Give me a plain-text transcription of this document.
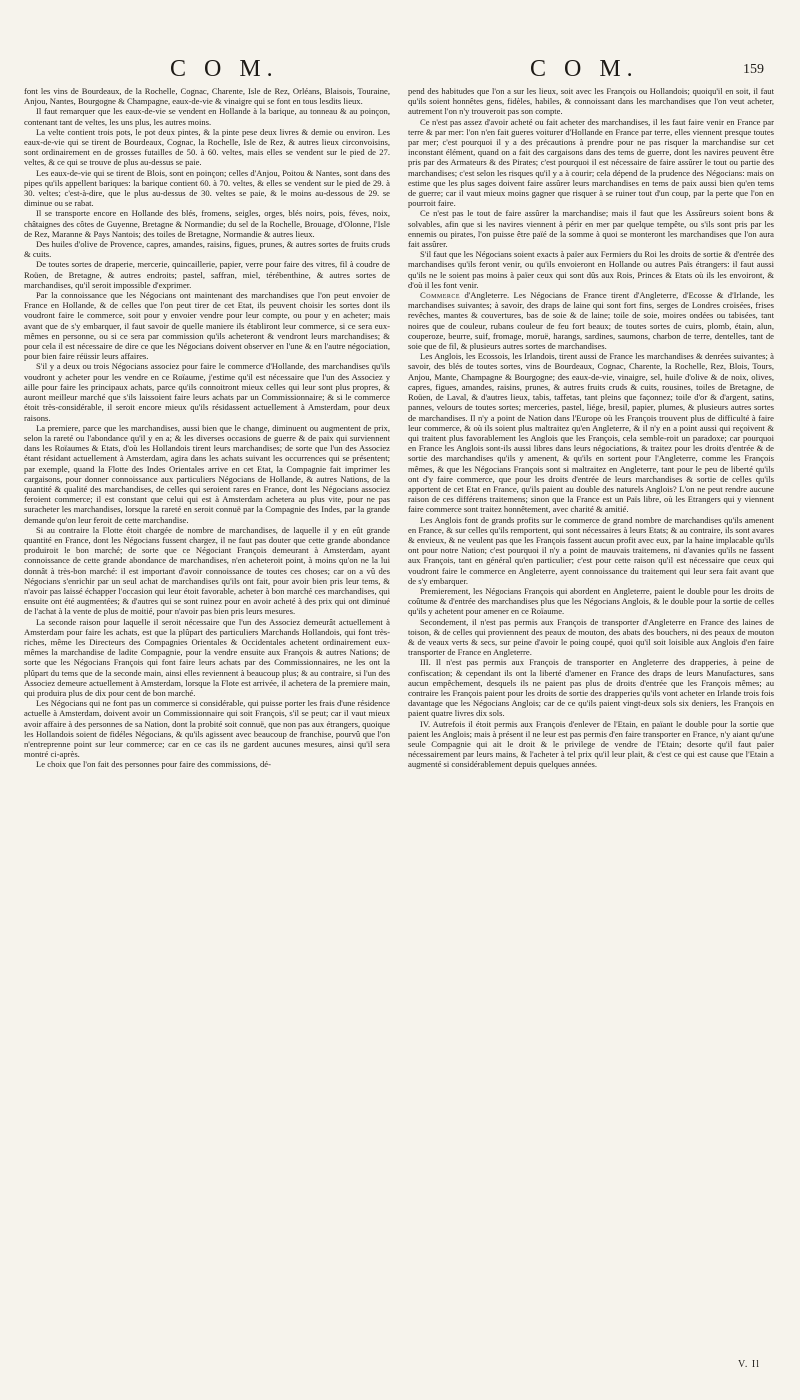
C O M.	C O M.	159

font les vins de Bourdeaux, de la Rochelle, Cognac, Charente, Isle de Rez, Orléans, Blaisois, Touraine, Anjou, Nantes, Bourgogne & Champagne, eaux-de-vie & vinaigre qui se font en tous lesdits lieux.

Il faut remarquer que les eaux-de-vie se vendent en Hollande à la barique, au tonneau & au poinçon, contenant tant de veltes, les uns plus, les autres moins.

La velte contient trois pots, le pot deux pintes, & la pinte pese deux livres & demie ou environ. Les eaux-de-vie qui se tirent de Bourdeaux, Cognac, la Rochelle, Isle de Rez, & autres lieux circonvoisins, sont ordinairement en de grosses futailles de 50. à 60. veltes, mais elles se vendent sur le pied de 27. veltes, & ce qui se trouve de plus au-dessus se paie.

Les eaux-de-vie qui se tirent de Blois, sont en poinçon; celles d'Anjou, Poitou & Nantes, sont dans des pipes qu'ils appellent bariques: la barique contient 60. à 70. veltes, & elles se vendent sur le pied de 29. à 30. veltes; c'est-à-dire, que le plus au-dessus de 30. veltes se paie, & le moins au-dessous de 29. se diminue ou se rabat.

Il se transporte encore en Hollande des blés, fromens, seigles, orges, blés noirs, pois, féves, noix, châtaignes des côtes de Guyenne, Bretagne & Normandie; du sel de la Rochelle, Brouage, d'Olonne, l'Isle de Rez, Maranne & Pays Nantois; des toiles de Bretagne, Normandie & autres lieux.

Des huiles d'olive de Provence, capres, amandes, raisins, figues, prunes, & autres sortes de fruits cruds & cuits.

De toutes sortes de draperie, mercerie, quincaillerie, papier, verre pour faire des vitres, fil à coudre de Roüen, de Bretagne, & autres endroits; pastel, saffran, miel, térébenthine, & autres sortes de marchandises, qu'il seroit impossible d'exprimer.

Par la connoissance que les Négocians ont maintenant des marchandises que l'on peut envoier de France en Hollande, & de celles que l'on peut tirer de cet Etat, ils peuvent choisir les sortes dont ils voudront faire le commerce, soit pour y envoier vendre pour leur compte, ou pour y en acheter; mais avant que de s'y embarquer, il faut savoir de quelle maniere ils établiront leur commerce, si ce sera eux-mêmes en personne, ou si ce sera par commission qu'ils acheteront & vendront leurs marchandises; & pour cela il est nécessaire de dire ce que les Négocians doivent observer en l'une & en l'autre négociation, pour bien faire réüssir leurs affaires.

S'il y a deux ou trois Négocians associez pour faire le commerce d'Hollande, des marchandises qu'ils voudront y acheter pour les vendre en ce Roïaume, j'estime qu'il est nécessaire que l'un des Associez y aille pour faire les principaux achats, parce qu'ils connoitront mieux celles qui leur sont plus propres, & auront meilleur marché que s'ils laissoient faire leurs achats par un Commissionnaire; & si le commerce étoit très-considérable, il seroit encore mieux qu'ils résidassent actuellement à Amsterdam, pour deux raisons.

La premiere, parce que les marchandises, aussi bien que le change, diminuent ou augmentent de prix, selon la rareté ou l'abondance qu'il y en a; & les diverses occasions de guerre & de paix qui surviennent dans les Roïaumes & Etats, d'où les Hollandois tirent leurs marchandises; de sorte que l'un des Associez étant résidant actuellement à Amsterdam, agira dans les achats suivant les occurrences qui se présentent; par exemple, quand la Flotte des Indes Orientales arrive en cet Etat, la Compagnie fait imprimer les cargaisons, pour donner connoissance aux particuliers Négocians de Hollande, & autres Nations, de la quantité & qualité des marchandises, de celles qui seroient rares en France, dont les Négocians associez feroient commerce; il est constant que celui qui est à Amsterdam achetera au plus vite, pour ne pas suracheter les marchandises, lorsque la rareté en seroit connuë par la Compagnie des Indes, par la grande demande qu'on leur feroit de cette marchandise.

Si au contraire la Flotte étoit chargée de nombre de marchandises, de laquelle il y en eût grande quantité en France, dont les Négocians fussent chargez, il ne faut pas douter que cette grande abondance produiroit le bon marché; de sorte que ce Négociant François demeurant à Amsterdam, ayant connoissance de cette grande abondance de marchandises, n'en acheteroit point, à moins qu'on ne la lui donnât à très-bon marché: il est important d'avoir connoissance de toutes ces choses; car on a vû des Négocians s'enrichir par un seul achat de marchandises qu'ils ont fait, pour avoir bien pris leur tems, & n'avoir pas laissé échapper l'occasion qui leur étoit favorable, acheter à bon marché ces marchandises, qui ensuite ont été augmentées; & d'autres qui se sont ruinez pour en avoir acheté à des prix qui ont diminué de l'achat à la vente de plus de moitié, pour n'avoir pas bien pris leurs mesures.

La seconde raison pour laquelle il seroit nécessaire que l'un des Associez demeurât actuellement à Amsterdam pour faire les achats, est que la plûpart des particuliers Marchands Hollandois, qui font très-riches, même les Directeurs des Compagnies Orientales & Occidentales achetent ordinairement eux-mêmes la marchandise de ladite Compagnie, pour la vendre ensuite aux François & autres Nations; de sorte que les Négocians François qui font faire leurs achats par des Commissionnaires, ne les ont la plûpart du tems que de la seconde main, ainsi elles reviennent à beaucoup plus; & au contraire, si l'un des Associez demeure actuellement à Amsterdam, lorsque la Flote est arrivée, il achetera de la premiere main, qui produira plus de dix pour cent de bon marché.

Les Négocians qui ne font pas un commerce si considérable, qui puisse porter les frais d'une résidence actuelle à Amsterdam, doivent avoir un Commissionnaire qui soit François, s'il se peut; car il vaut mieux avoir affaire à des personnes de sa Nation, dont la probité soit connuë, que non pas aux étrangers, quoique les Hollandois soient de fidéles Négocians, & qu'ils agissent avec beaucoup de franchise, pourvû que l'on n'entreprenne point sur leur commerce; car en ce cas ils ne gardent aucunes mesures, ainsi qu'il sera montré ci-après.

Le choix que l'on fait des personnes pour faire des commissions, dé-

pend des habitudes que l'on a sur les lieux, soit avec les François ou Hollandois; quoiqu'il en soit, il faut qu'ils soient honnêtes gens, fidèles, habiles, & connoissant dans les marchandises que l'on veut acheter, autrement l'on n'y trouveroit pas son compte.

Ce n'est pas assez d'avoir acheté ou fait acheter des marchandises, il les faut faire venir en France par terre & par mer: l'on n'en fait gueres voiturer d'Hollande en France par terre, elles viennent presque toutes par mer; c'est pourquoi il y a des précautions à prendre pour ne pas risquer la marchandise sur cet inconstant élément, quand on a fait des cargaisons dans des tems de guerre, dont les navires peuvent être pris par des Armateurs & des Pirates; c'est pourquoi il est nécessaire de faire assûrer le tout ou partie des marchandises; c'est selon les risques qu'il y a à courir; cela dépend de la prudence des Négocians: mais on estime que les plus sages doivent faire assûrer leurs marchandises en tems de paix aussi bien qu'en tems de guerre; car il vaut mieux moins gagner que risquer à se ruiner tout d'un coup, par la perte que l'on en pourroit faire.

Ce n'est pas le tout de faire assûrer la marchandise; mais il faut que les Assûreurs soient bons & solvables, afin que si les navires viennent à périr en mer par quelque tempête, ou s'ils sont pris par les ennemis ou pirates, l'on puisse être païé de la somme à quoi se monteront les marchandises que l'on aura fait assûrer.

S'il faut que les Négocians soient exacts à païer aux Fermiers du Roi les droits de sortie & d'entrée des marchandises qu'ils feront venir, ou qu'ils envoieront en Hollande ou autres Païs étrangers: il faut aussi qu'ils ne le soient pas moins à païer ceux qui sont dûs aux Rois, Princes & Etats où ils les envoiront, & d'où il les font venir.

Commerce d'Angleterre. Les Négocians de France tirent d'Angleterre, d'Ecosse & d'Irlande, les marchandises suivantes; à savoir, des draps de laine qui sont fort fins, serges de Londres croisées, frises revêches, mantes & couvertures, bas de soie & de laine; toile de soie, moires ondées ou tabisées, tant noires que de couleur, rubans couleur de feu fort beaux; de toutes sortes de cuirs, plomb, étain, alun, couperoze, beurre, suif, fromage, moruë, harangs, sardines, saumons, charbon de terre, dentelles, tant de soie que de fil, & plusieurs autres sortes de marchandises.

Les Anglois, les Ecossois, les Irlandois, tirent aussi de France les marchandises & denrées suivantes; à savoir, des blés de toutes sortes, vins de Bourdeaux, Cognac, Charente, la Rochelle, Rez, Blois, Tours, Anjou, Mante, Champagne & Bourgogne; des eaux-de-vie, vinaigre, sel, huile d'olive & de noix, olives, capres, figues, amandes, raisins, prunes, & autres fruits cruds & cuits, rousines, toiles de Bretagne, de Roüen, de Laval, & d'autres lieux, tabis, taffetas, tant pleins que façonnez; toile d'or & d'argent, satins, pannes, velours de toutes sortes; merceries, pastel, liége, bresil, papier, plumes, & plusieurs autres sortes de marchandises. Il n'y a point de Nation dans l'Europe où les François trouvent plus de difficulté à faire leur commerce, & où ils soient plus maltraitez qu'en Angleterre, & il n'y en a point aussi qui reçoivent & qui traitent plus favorablement les Anglois que les François, cela semble-roit un paradoxe; car pourquoi en France les Anglois sont-ils aussi libres dans leurs négociations, & traitez pour les droits d'entrée & de sortie des marchandises qu'ils y amenent, & qu'ils en sortent pour l'Angleterre, comme les François mêmes, & que les Négocians François sont si maltraitez en Angleterre, tant pour le peu de liberté qu'ils ont d'y faire commerce, que pour les droits d'entrée de leurs marchandises & sortie de celles qu'ils apportent de cet Etat en France, qu'ils paient au double des naturels Anglois? L'on ne peut rendre aucune raison de ces différens traitemens; sinon que la France est un Païs libre, où les Etrangers qui y viennent faire commerce sont traitez honnêtement, avec charité & amitié.

Les Anglois font de grands profits sur le commerce de grand nombre de marchandises qu'ils amenent en France, & sur celles qu'ils remportent, qui sont nécessaires à leurs Etats; & au contraire, ils sont avares & envieux, & ne veulent pas que les François fassent aucun profit avec eux, par la haine implacable qu'ils ont pour notre Nation; c'est pourquoi il n'y a point de mauvais traitemens, ni d'avanies qu'ils ne fassent aux François, tant en général qu'en particulier; c'est pour cette raison qu'il est nécessaire que ceux qui voudront faire le commerce en Angleterre, ayent connoissance du traitement qui leur sera fait avant que de s'y embarquer.

Premierement, les Négocians François qui abordent en Angleterre, paient le double pour les droits de coûtume & d'entrée des marchandises plus que les Négocians Anglois, & le double pour la sortie de celles qu'ils y achetent pour amener en ce Roïaume.

Secondement, il n'est pas permis aux François de transporter d'Angleterre en France des laines de toison, & de celles qui proviennent des peaux de mouton, des abats des bouchers, ni des peaux de mouton & de veaux verts & secs, sur peine d'avoir le poing coupé, quoi qu'il soit loisible aux Anglois d'en faire transporter de France en Angleterre.

III. Il n'est pas permis aux François de transporter en Angleterre des drapperies, à peine de confiscation; & cependant ils ont la liberté d'amener en France des draps de leurs Manufactures, sans aucun empêchement, desquels ils ne paient pas plus de droits d'entrée que les François mêmes; au contraire les François paient pour les droits de sortie des drapperies qu'ils vont acheter en Irlande trois fois davantage que les Négocians Anglois; car de ce qu'ils paient vingt-deux sols six deniers, les François en paient quatre livres dix sols.

IV. Autrefois il étoit permis aux François d'enlever de l'Etain, en païant le double pour la sortie que paient les Anglois; mais à présent il ne leur est pas permis d'en faire transporter en France, n'y aiant qu'une seule Compagnie qui ait le droit & le privilege de vendre de l'Etain; desorte qu'il faut païer nécessairement par leurs mains, & l'acheter à tel prix qu'il leur plait, & c'est ce qui est cause que l'Etain a augmenté si considérablement depuis quelques années.

V. Il
